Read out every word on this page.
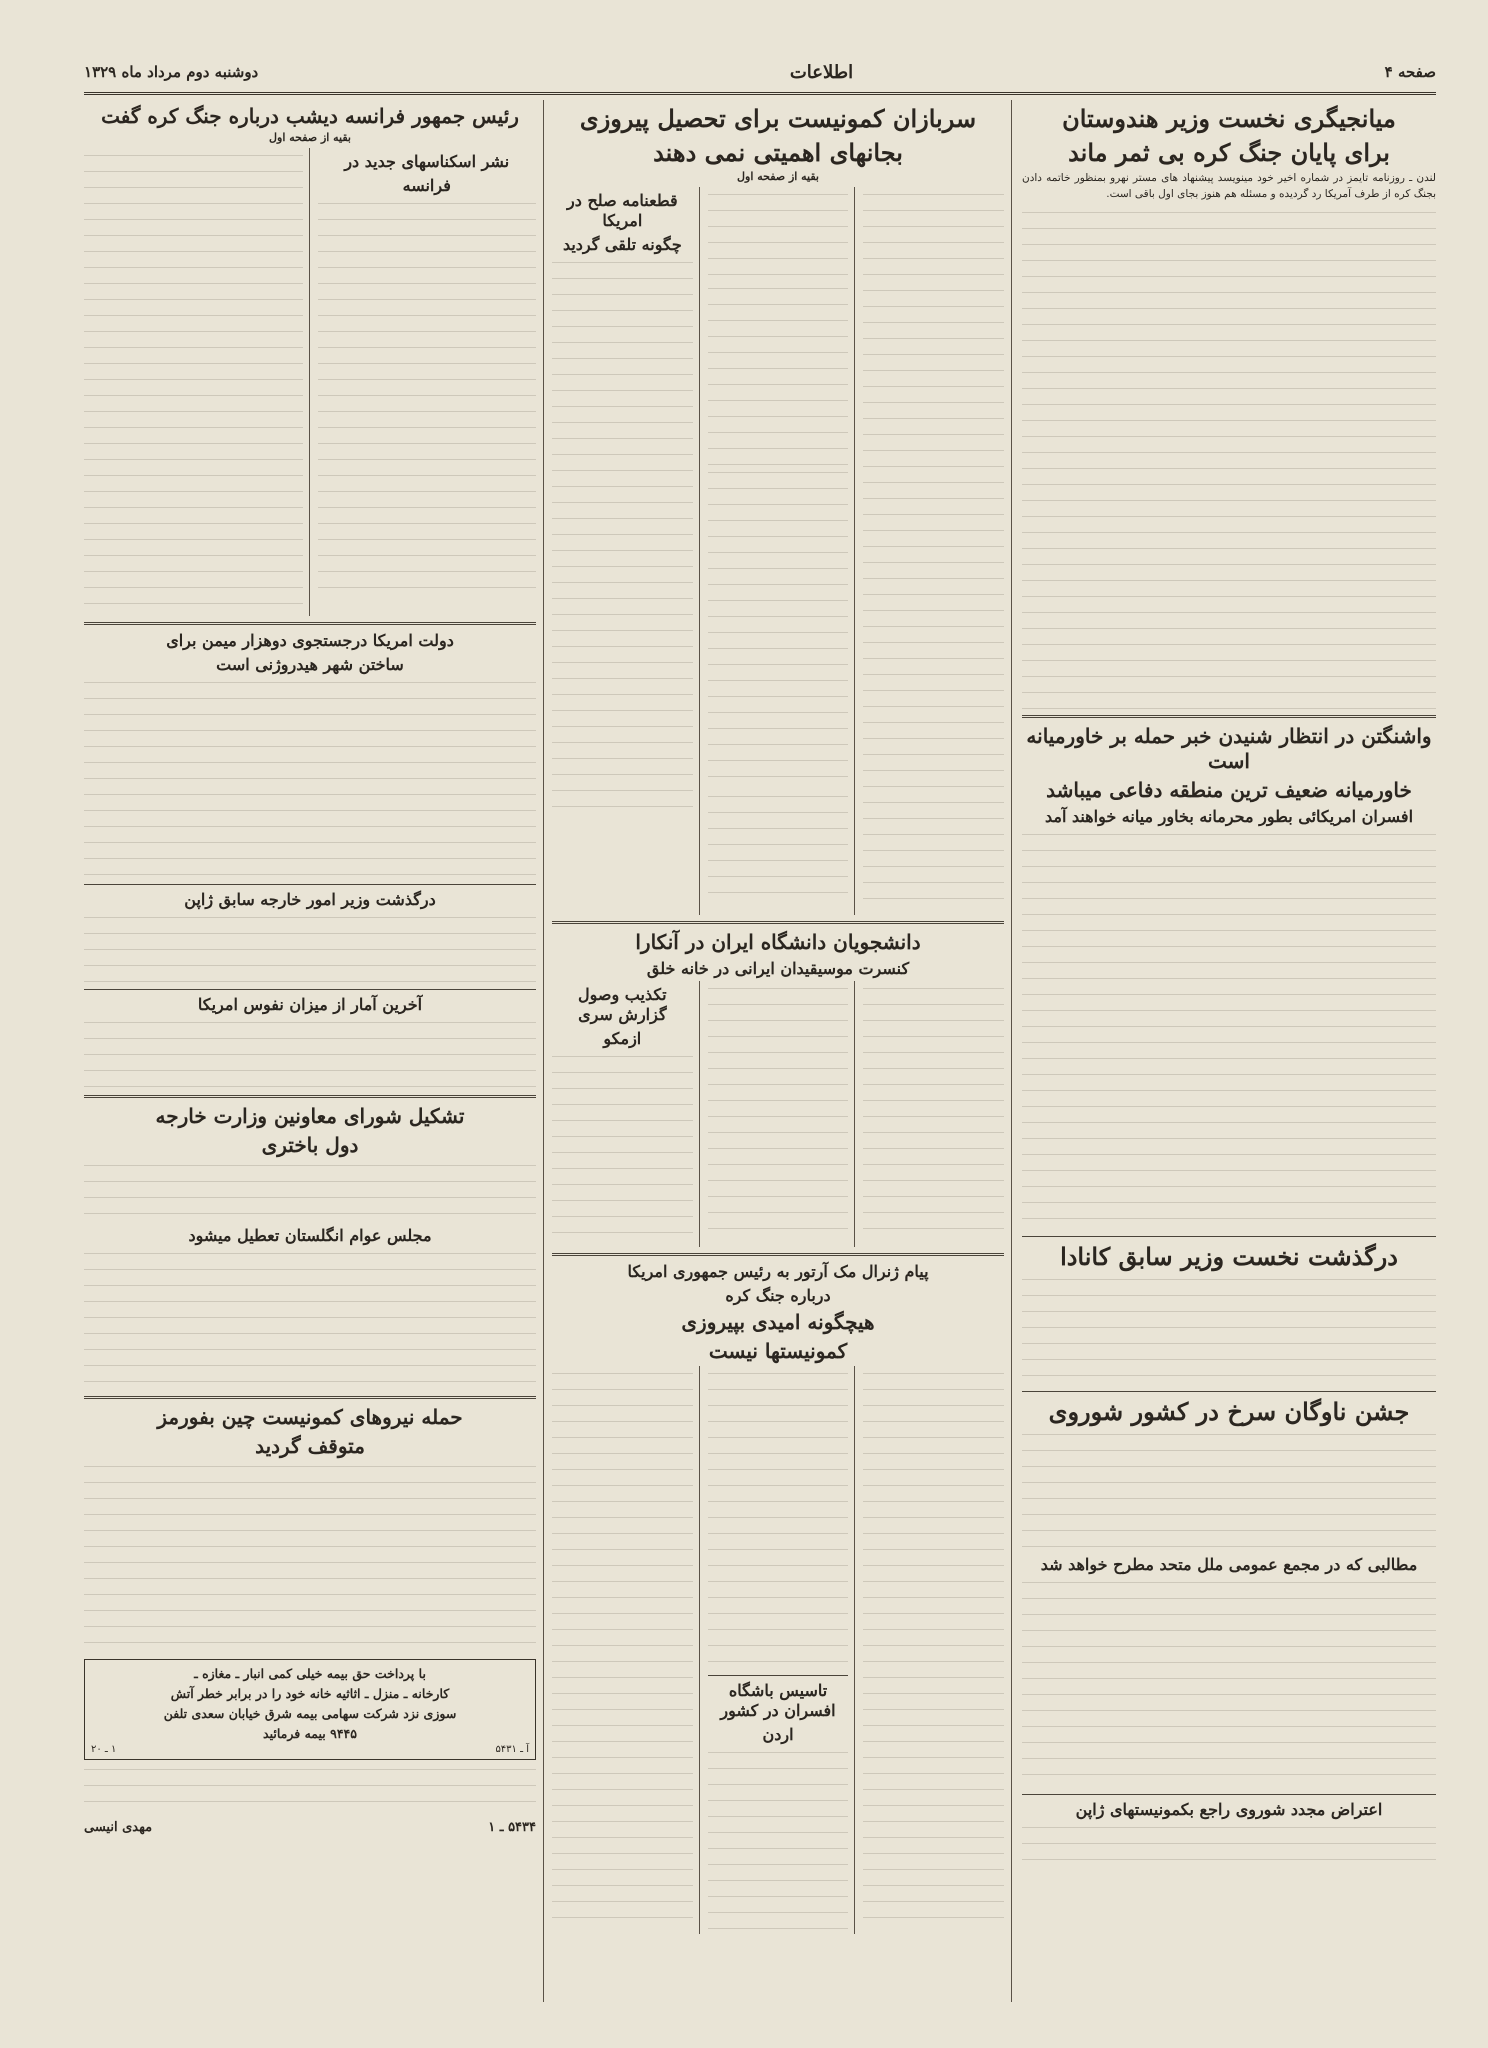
صفحه ۴
اطلاعات
دوشنبه دوم مرداد ماه ۱۳۲۹
میانجیگری نخست وزیر هندوستان
برای پایان جنگ کره بی ثمر ماند

لندن ـ روزنامه تایمز در شماره اخیر خود مینویسد پیشنهاد های مستر نهرو بمنظور خاتمه دادن بجنگ کره از طرف آمریکا رد گردیده و مسئله هم هنوز بجای اول باقی است.

واشنگتن در انتظار شنیدن خبر حمله بر خاورمیانه است
خاورمیانه ضعیف ترین منطقه دفاعی میباشد
افسران امریکائی بطور محرمانه بخاور میانه خواهند آمد
درگذشت نخست وزیر سابق کانادا
جشن ناوگان سرخ در کشور شوروی
مطالبی که در مجمع عمومی ملل متحد مطرح خواهد شد
اعتراض مجدد شوروی راجع بکمونیستهای ژاپن
سربازان کمونیست برای تحصیل پیروزی
بجانهای اهمیتی نمی دهند
بقیه از صفحه اول
قطعنامه صلح در امریکا
چگونه تلقی گردید
دانشجویان دانشگاه ایران در آنکارا
کنسرت موسیقیدان ایرانی در خانه خلق
تکذیب وصول گزارش سری
ازمکو
پیام ژنرال مک آرتور به رئیس جمهوری امریکا
درباره جنگ کره
هیچگونه امیدی بپیروزی
کمونیستها نیست
تاسیس باشگاه افسران در کشور
اردن
رئیس جمهور فرانسه دیشب درباره جنگ کره گفت
بقیه از صفحه اول
نشر اسکناسهای جدید در
فرانسه
دولت امریکا درجستجوی دوهزار میمن برای
ساختن شهر هیدروژنی است
درگذشت وزیر امور خارجه سابق ژاپن
آخرین آمار از میزان نفوس امریکا
تشکیل شورای معاونین وزارت خارجه
دول باختری
مجلس عوام انگلستان تعطیل میشود
حمله نیروهای کمونیست چین بفورمز
متوقف گردید
با پرداخت حق بیمه خیلی کمی انبار ـ مغازه ـ
کارخانه ـ منزل ـ اثاثیه خانه خود را در برابر خطر آتش
سوزی نزد شرکت سهامی بیمه شرق خیابان سعدی تلفن
۹۴۴۵ بیمه فرمائید
آ ـ ۵۴۳۱
۱ ـ ۲۰
۵۴۳۴ ـ ۱
مهدی انیسی
